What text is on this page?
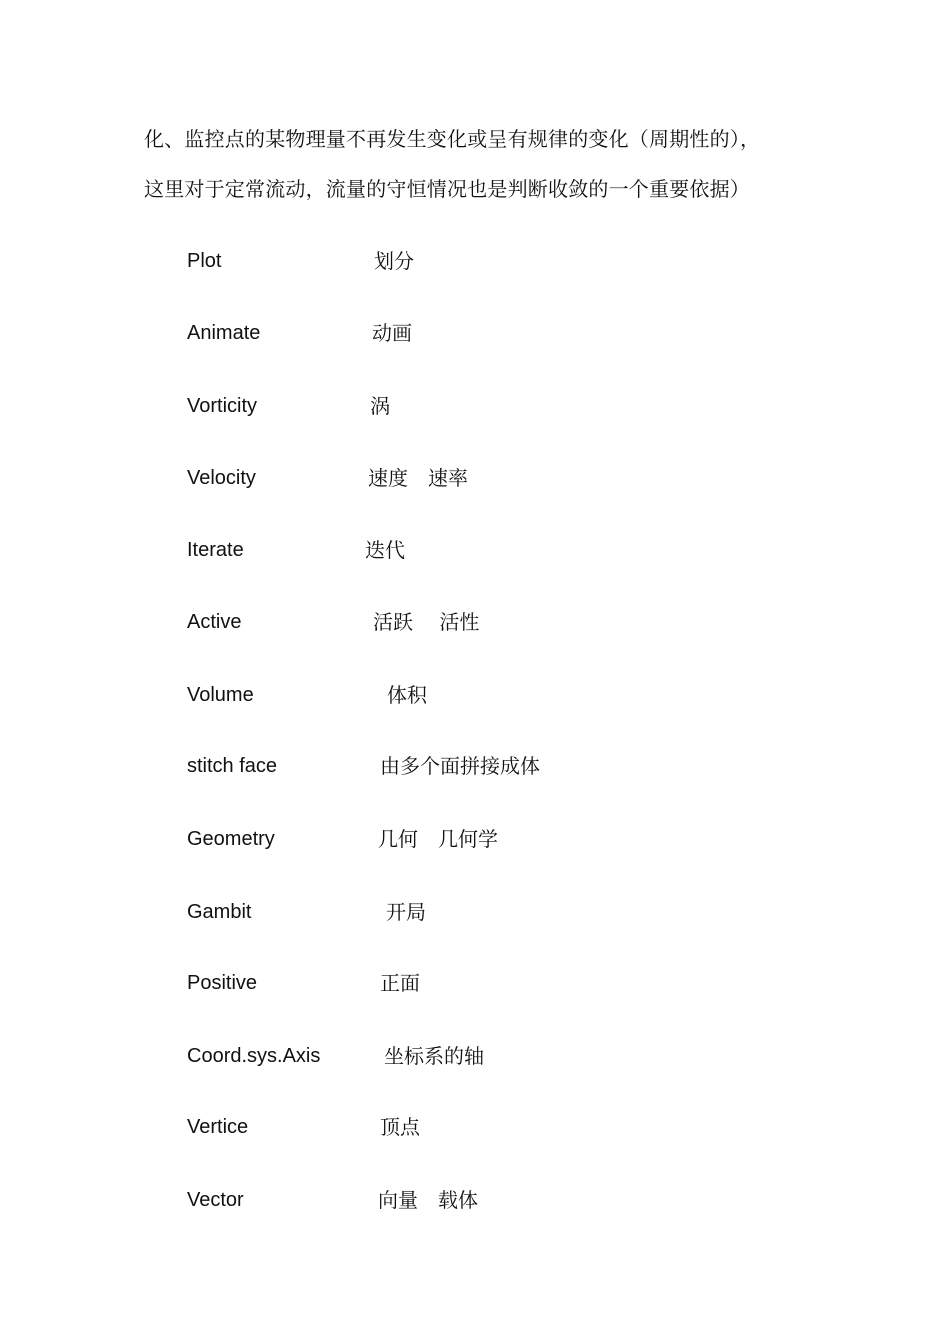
化、监控点的某物理量不再发生变化或呈有规律的变化（周期性的），
这里对于定常流动，流量的守恒情况也是判断收敛的一个重要依据）
Plot	划分
Animate	动画
Vorticity	涡
Velocity	速度　速率
Iterate	迭代
Active	活跃　 活性
Volume	体积
stitch face	由多个面拼接成体
Geometry	几何　几何学
Gambit	开局
Positive	正面
Coord.sys.Axis	坐标系的轴
Vertice	顶点
Vector	向量　载体
